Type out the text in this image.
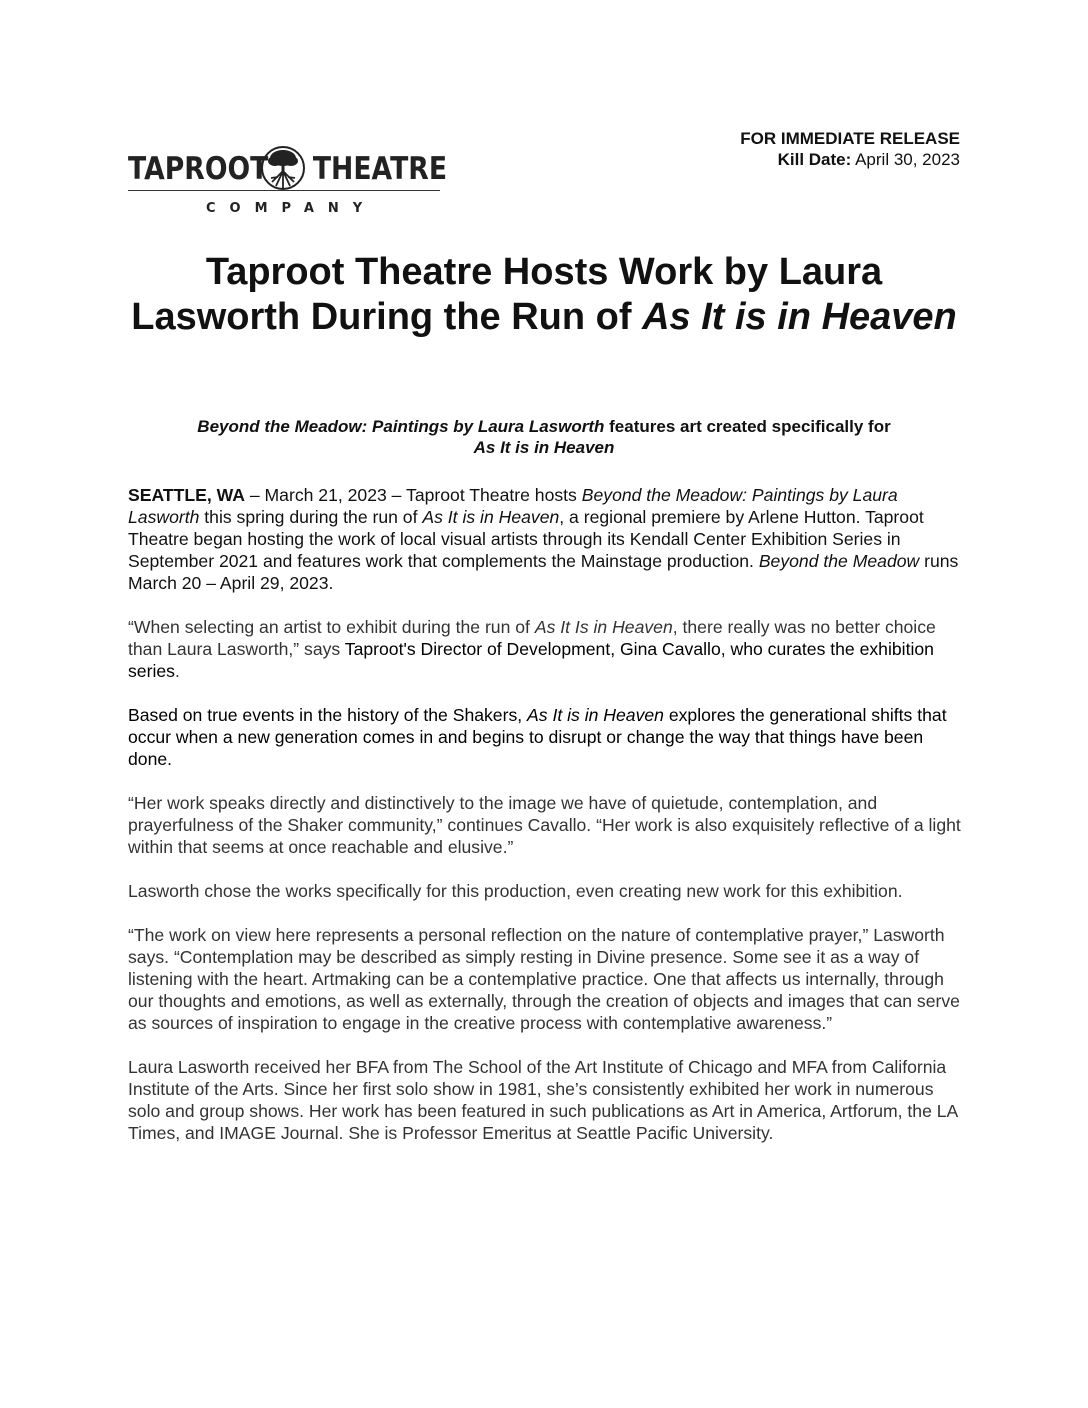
TAPROOT THEATRE
COMPANY
FOR IMMEDIATE RELEASE
Kill Date: April 30, 2023
Taproot Theatre Hosts Work by Laura Lasworth During the Run of As It is in Heaven
Beyond the Meadow: Paintings by Laura Lasworth features art created specifically for
As It is in Heaven

SEATTLE, WA – March 21, 2023 – Taproot Theatre hosts Beyond the Meadow: Paintings by Laura Lasworth this spring during the run of As It is in Heaven, a regional premiere by Arlene Hutton. Taproot Theatre began hosting the work of local visual artists through its Kendall Center Exhibition Series in September 2021 and features work that complements the Mainstage production. Beyond the Meadow runs March 20 – April 29, 2023.

“When selecting an artist to exhibit during the run of As It Is in Heaven, there really was no better choice than Laura Lasworth,” says Taproot's Director of Development, Gina Cavallo, who curates the exhibition series.

Based on true events in the history of the Shakers, As It is in Heaven explores the generational shifts that occur when a new generation comes in and begins to disrupt or change the way that things have been done.

“Her work speaks directly and distinctively to the image we have of quietude, contemplation, and prayerfulness of the Shaker community,” continues Cavallo. “Her work is also exquisitely reflective of a light within that seems at once reachable and elusive.”

Lasworth chose the works specifically for this production, even creating new work for this exhibition.

“The work on view here represents a personal reflection on the nature of contemplative prayer,” Lasworth says. “Contemplation may be described as simply resting in Divine presence. Some see it as a way of listening with the heart. Artmaking can be a contemplative practice. One that affects us internally, through our thoughts and emotions, as well as externally, through the creation of objects and images that can serve as sources of inspiration to engage in the creative process with contemplative awareness.”

Laura Lasworth received her BFA from The School of the Art Institute of Chicago and MFA from California Institute of the Arts. Since her first solo show in 1981, she’s consistently exhibited her work in numerous solo and group shows. Her work has been featured in such publications as Art in America, Artforum, the LA Times, and IMAGE Journal. She is Professor Emeritus at Seattle Pacific University.
